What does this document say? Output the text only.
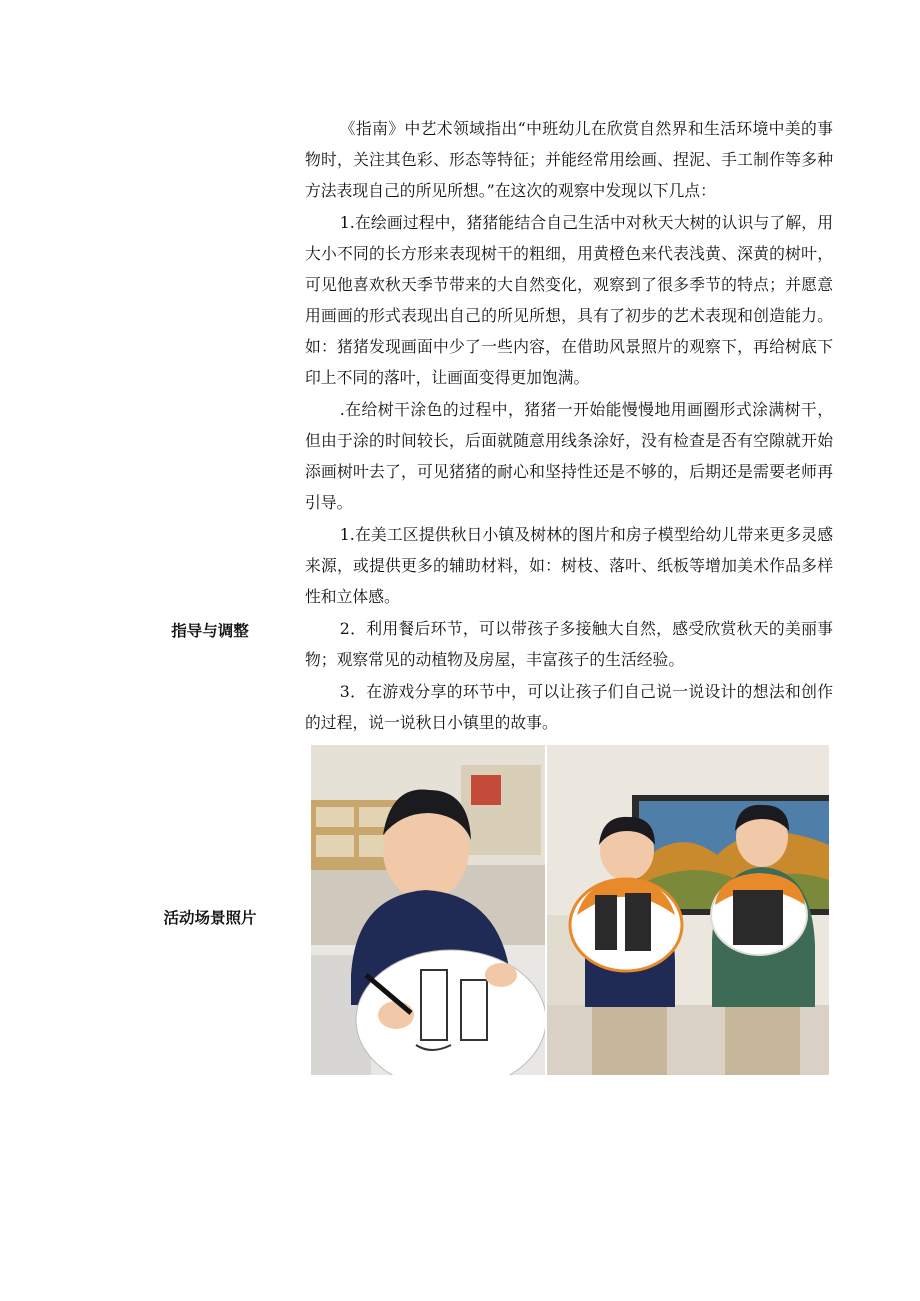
指导与调整
活动场景照片

《指南》中艺术领域指出“中班幼儿在欣赏自然界和生活环境中美的事物时，关注其色彩、形态等特征；并能经常用绘画、捏泥、手工制作等多种方法表现自己的所见所想。”在这次的观察中发现以下几点：

1.在绘画过程中，猪猪能结合自己生活中对秋天大树的认识与了解，用大小不同的长方形来表现树干的粗细，用黄橙色来代表浅黄、深黄的树叶，可见他喜欢秋天季节带来的大自然变化，观察到了很多季节的特点；并愿意用画画的形式表现出自己的所见所想，具有了初步的艺术表现和创造能力。如：猪猪发现画面中少了一些内容，在借助风景照片的观察下，再给树底下印上不同的落叶，让画面变得更加饱满。

.在给树干涂色的过程中，猪猪一开始能慢慢地用画圈形式涂满树干，但由于涂的时间较长，后面就随意用线条涂好，没有检查是否有空隙就开始添画树叶去了，可见猪猪的耐心和坚持性还是不够的，后期还是需要老师再引导。

1.在美工区提供秋日小镇及树林的图片和房子模型给幼儿带来更多灵感来源，或提供更多的辅助材料，如：树枝、落叶、纸板等增加美术作品多样性和立体感。

2．利用餐后环节，可以带孩子多接触大自然，感受欣赏秋天的美丽事物；观察常见的动植物及房屋，丰富孩子的生活经验。

3．在游戏分享的环节中，可以让孩子们自己说一说设计的想法和创作的过程，说一说秋日小镇里的故事。
